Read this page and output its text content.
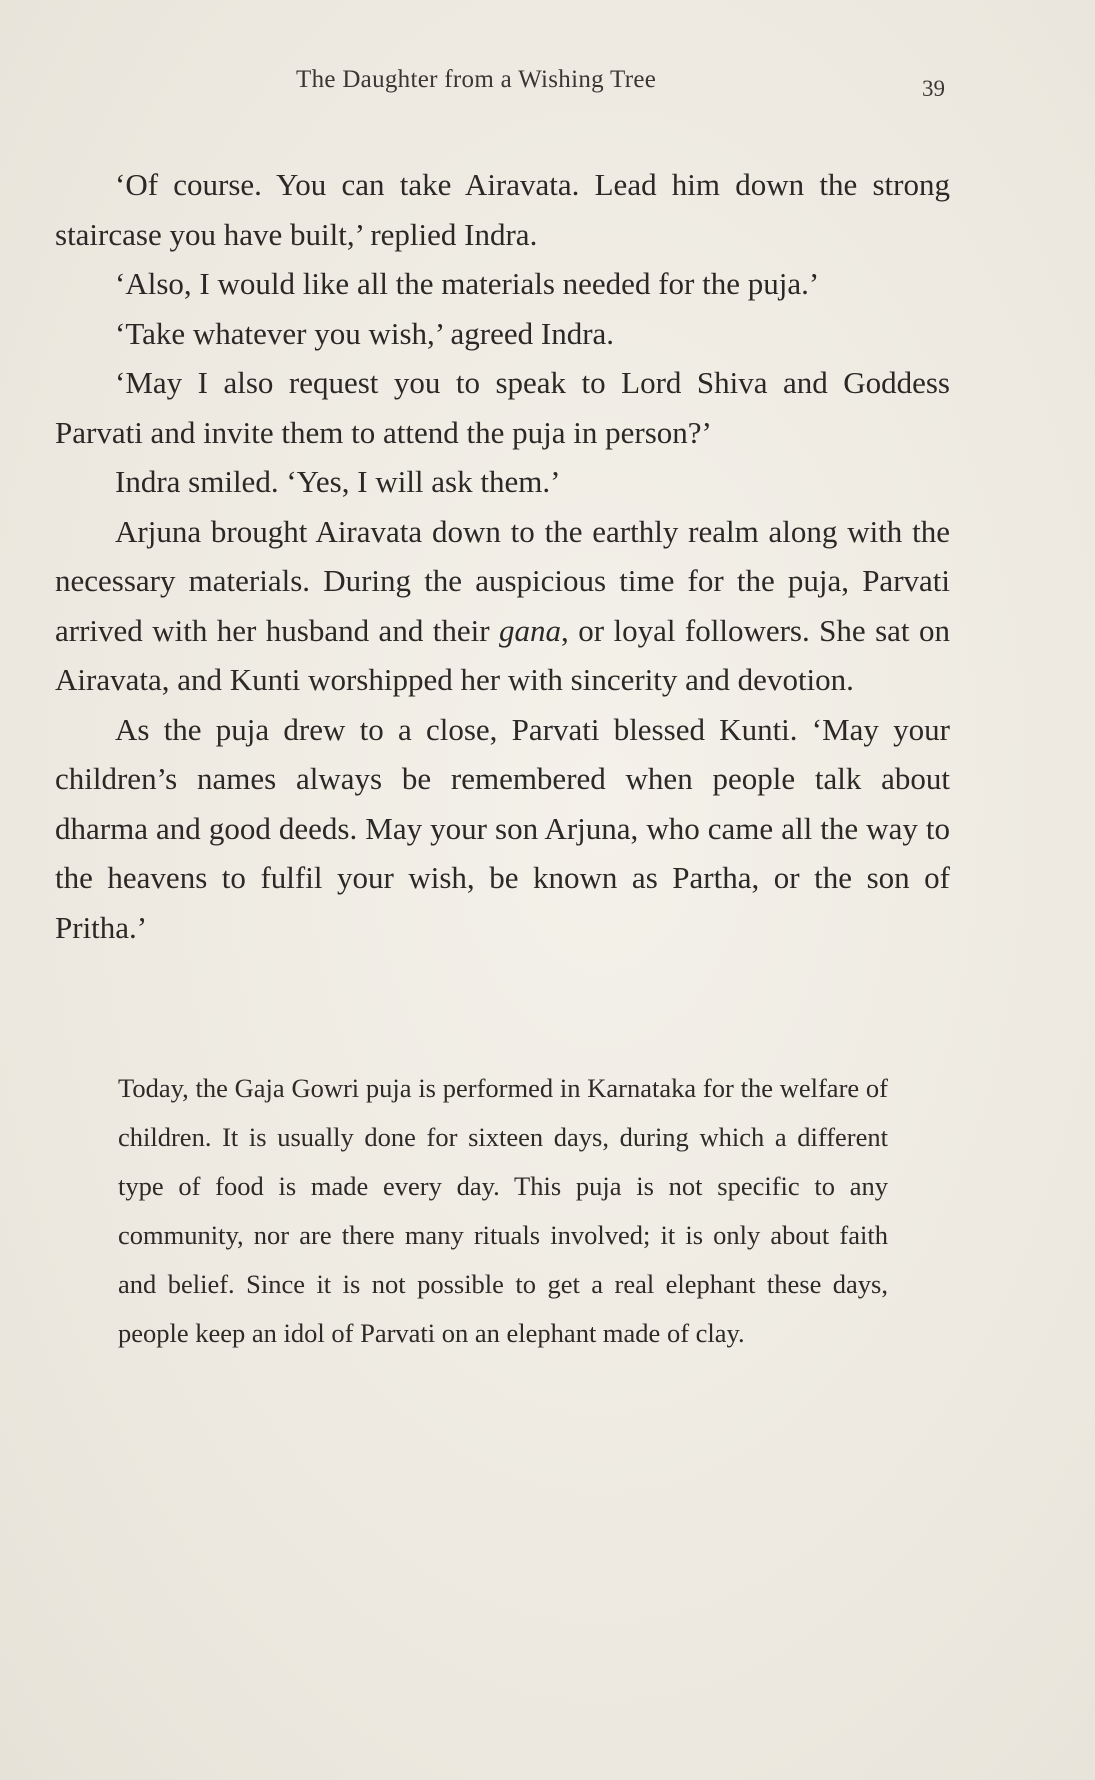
The Daughter from a Wishing Tree	39

‘Of course. You can take Airavata. Lead him down the strong staircase you have built,’ replied Indra.

‘Also, I would like all the materials needed for the puja.’

‘Take whatever you wish,’ agreed Indra.

‘May I also request you to speak to Lord Shiva and Goddess Parvati and invite them to attend the puja in person?’

Indra smiled. ‘Yes, I will ask them.’

Arjuna brought Airavata down to the earthly realm along with the necessary materials. During the auspicious time for the puja, Parvati arrived with her husband and their gana, or loyal followers. She sat on Airavata, and Kunti worshipped her with sincerity and devotion.

As the puja drew to a close, Parvati blessed Kunti. ‘May your children’s names always be remembered when people talk about dharma and good deeds. May your son Arjuna, who came all the way to the heavens to fulfil your wish, be known as Partha, or the son of Pritha.’

Today, the Gaja Gowri puja is performed in Karnataka for the welfare of children. It is usually done for sixteen days, during which a different type of food is made every day. This puja is not specific to any community, nor are there many rituals involved; it is only about faith and belief. Since it is not possible to get a real elephant these days, people keep an idol of Parvati on an elephant made of clay.
